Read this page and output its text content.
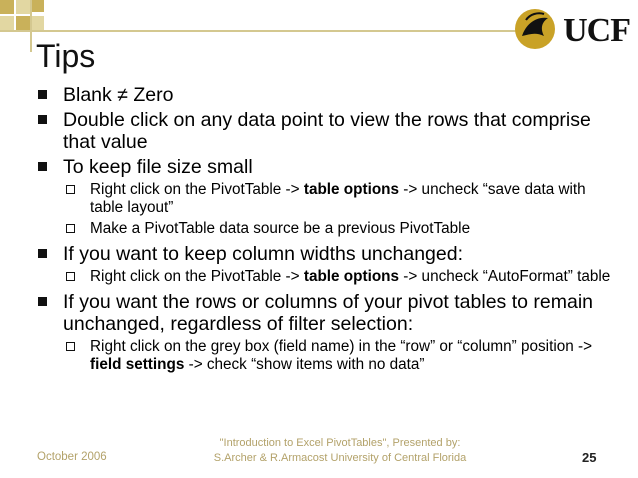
UCF
Tips
Blank ≠ Zero
Double click on any data point to view the rows that comprise that value
To keep file size small
Right click on the PivotTable -> table options -> uncheck “save data with table layout”
Make a PivotTable data source be a previous PivotTable
If you want to keep column widths unchanged:
Right click on the PivotTable -> table options -> uncheck “AutoFormat” table
If you want the rows or columns of your pivot tables to remain unchanged, regardless of filter selection:
Right click on the grey box (field name) in the “row” or “column” position -> field settings -> check “show items with no data”
October 2006
"Introduction to Excel PivotTables", Presented by:
S.Archer & R.Armacost University of Central Florida	25
